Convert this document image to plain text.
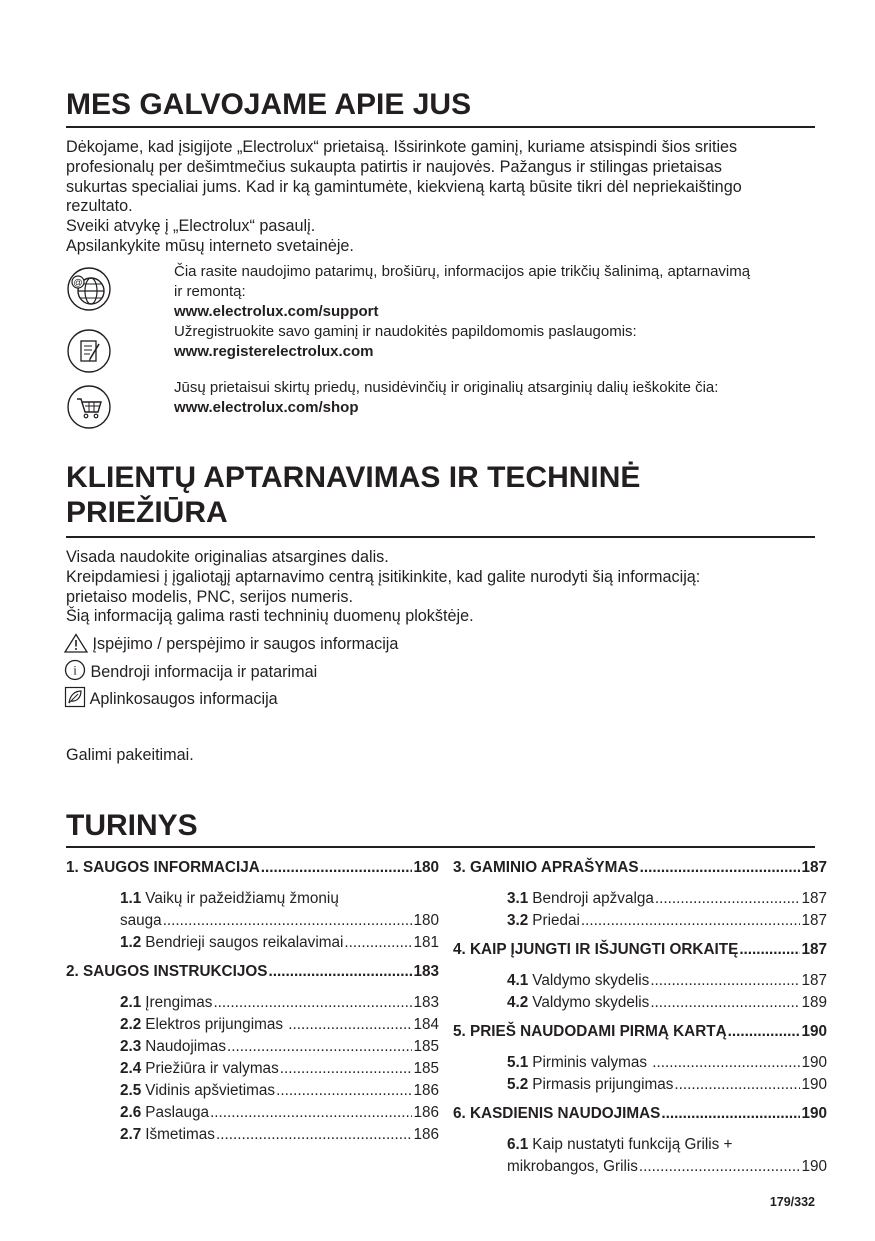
MES GALVOJAME APIE JUS
Dėkojame, kad įsigijote „Electrolux“ prietaisą. Išsirinkote gaminį, kuriame atsispindi šios srities
profesionalų per dešimtmečius sukaupta patirtis ir naujovės. Pažangus ir stilingas prietaisas
sukurtas specialiai jums. Kad ir ką gamintumėte, kiekvieną kartą būsite tikri dėl nepriekaištingo
rezultato.
Sveiki atvykę į „Electrolux“ pasaulį.
Apsilankykite mūsų interneto svetainėje.
@
Čia rasite naudojimo patarimų, brošiūrų, informacijos apie trikčių šalinimą, aptarnavimą
ir remontą:
www.electrolux.com/support
Užregistruokite savo gaminį ir naudokitės papildomomis paslaugomis:
www.registerelectrolux.com
Jūsų prietaisui skirtų priedų, nusidėvinčių ir originalių atsarginių dalių ieškokite čia:
www.electrolux.com/shop
KLIENTŲ APTARNAVIMAS IR TECHNINĖ
PRIEŽIŪRA
Visada naudokite originalias atsargines dalis.
Kreipdamiesi į įgaliotąjį aptarnavimo centrą įsitikinkite, kad galite nurodyti šią informaciją:
prietaiso modelis, PNC, serijos numeris.
Šią informaciją galima rasti techninių duomenų plokštėje.
Įspėjimo / perspėjimo ir saugos informacija
i Bendroji informacija ir patarimai
Aplinkosaugos informacija
Galimi pakeitimai.
TURINYS
1. SAUGOS INFORMACIJA .....	180
1.1 Vaikų ir pažeidžiamų žmonių
sauga .....	180
1.2 Bendrieji saugos reikalavimai .....	181
2. SAUGOS INSTRUKCIJOS .....	183
2.1 Įrengimas .....	183
2.2 Elektros prijungimas .....	184
2.3 Naudojimas .....	185
2.4 Priežiūra ir valymas .....	185
2.5 Vidinis apšvietimas .....	186
2.6 Paslauga .....	186
2.7 Išmetimas .....	186
3. GAMINIO APRAŠYMAS .....	187
3.1 Bendroji apžvalga .....	187
3.2 Priedai .....	187
4. KAIP ĮJUNGTI IR IŠJUNGTI ORKAITĘ .....	187
4.1 Valdymo skydelis .....	187
4.2 Valdymo skydelis .....	189
5. PRIEŠ NAUDODAMI PIRMĄ KARTĄ .....	190
5.1 Pirminis valymas .....	190
5.2 Pirmasis prijungimas .....	190
6. KASDIENIS NAUDOJIMAS .....	190
6.1 Kaip nustatyti funkciją Grilis +
mikrobangos, Grilis .....	190
179/332
